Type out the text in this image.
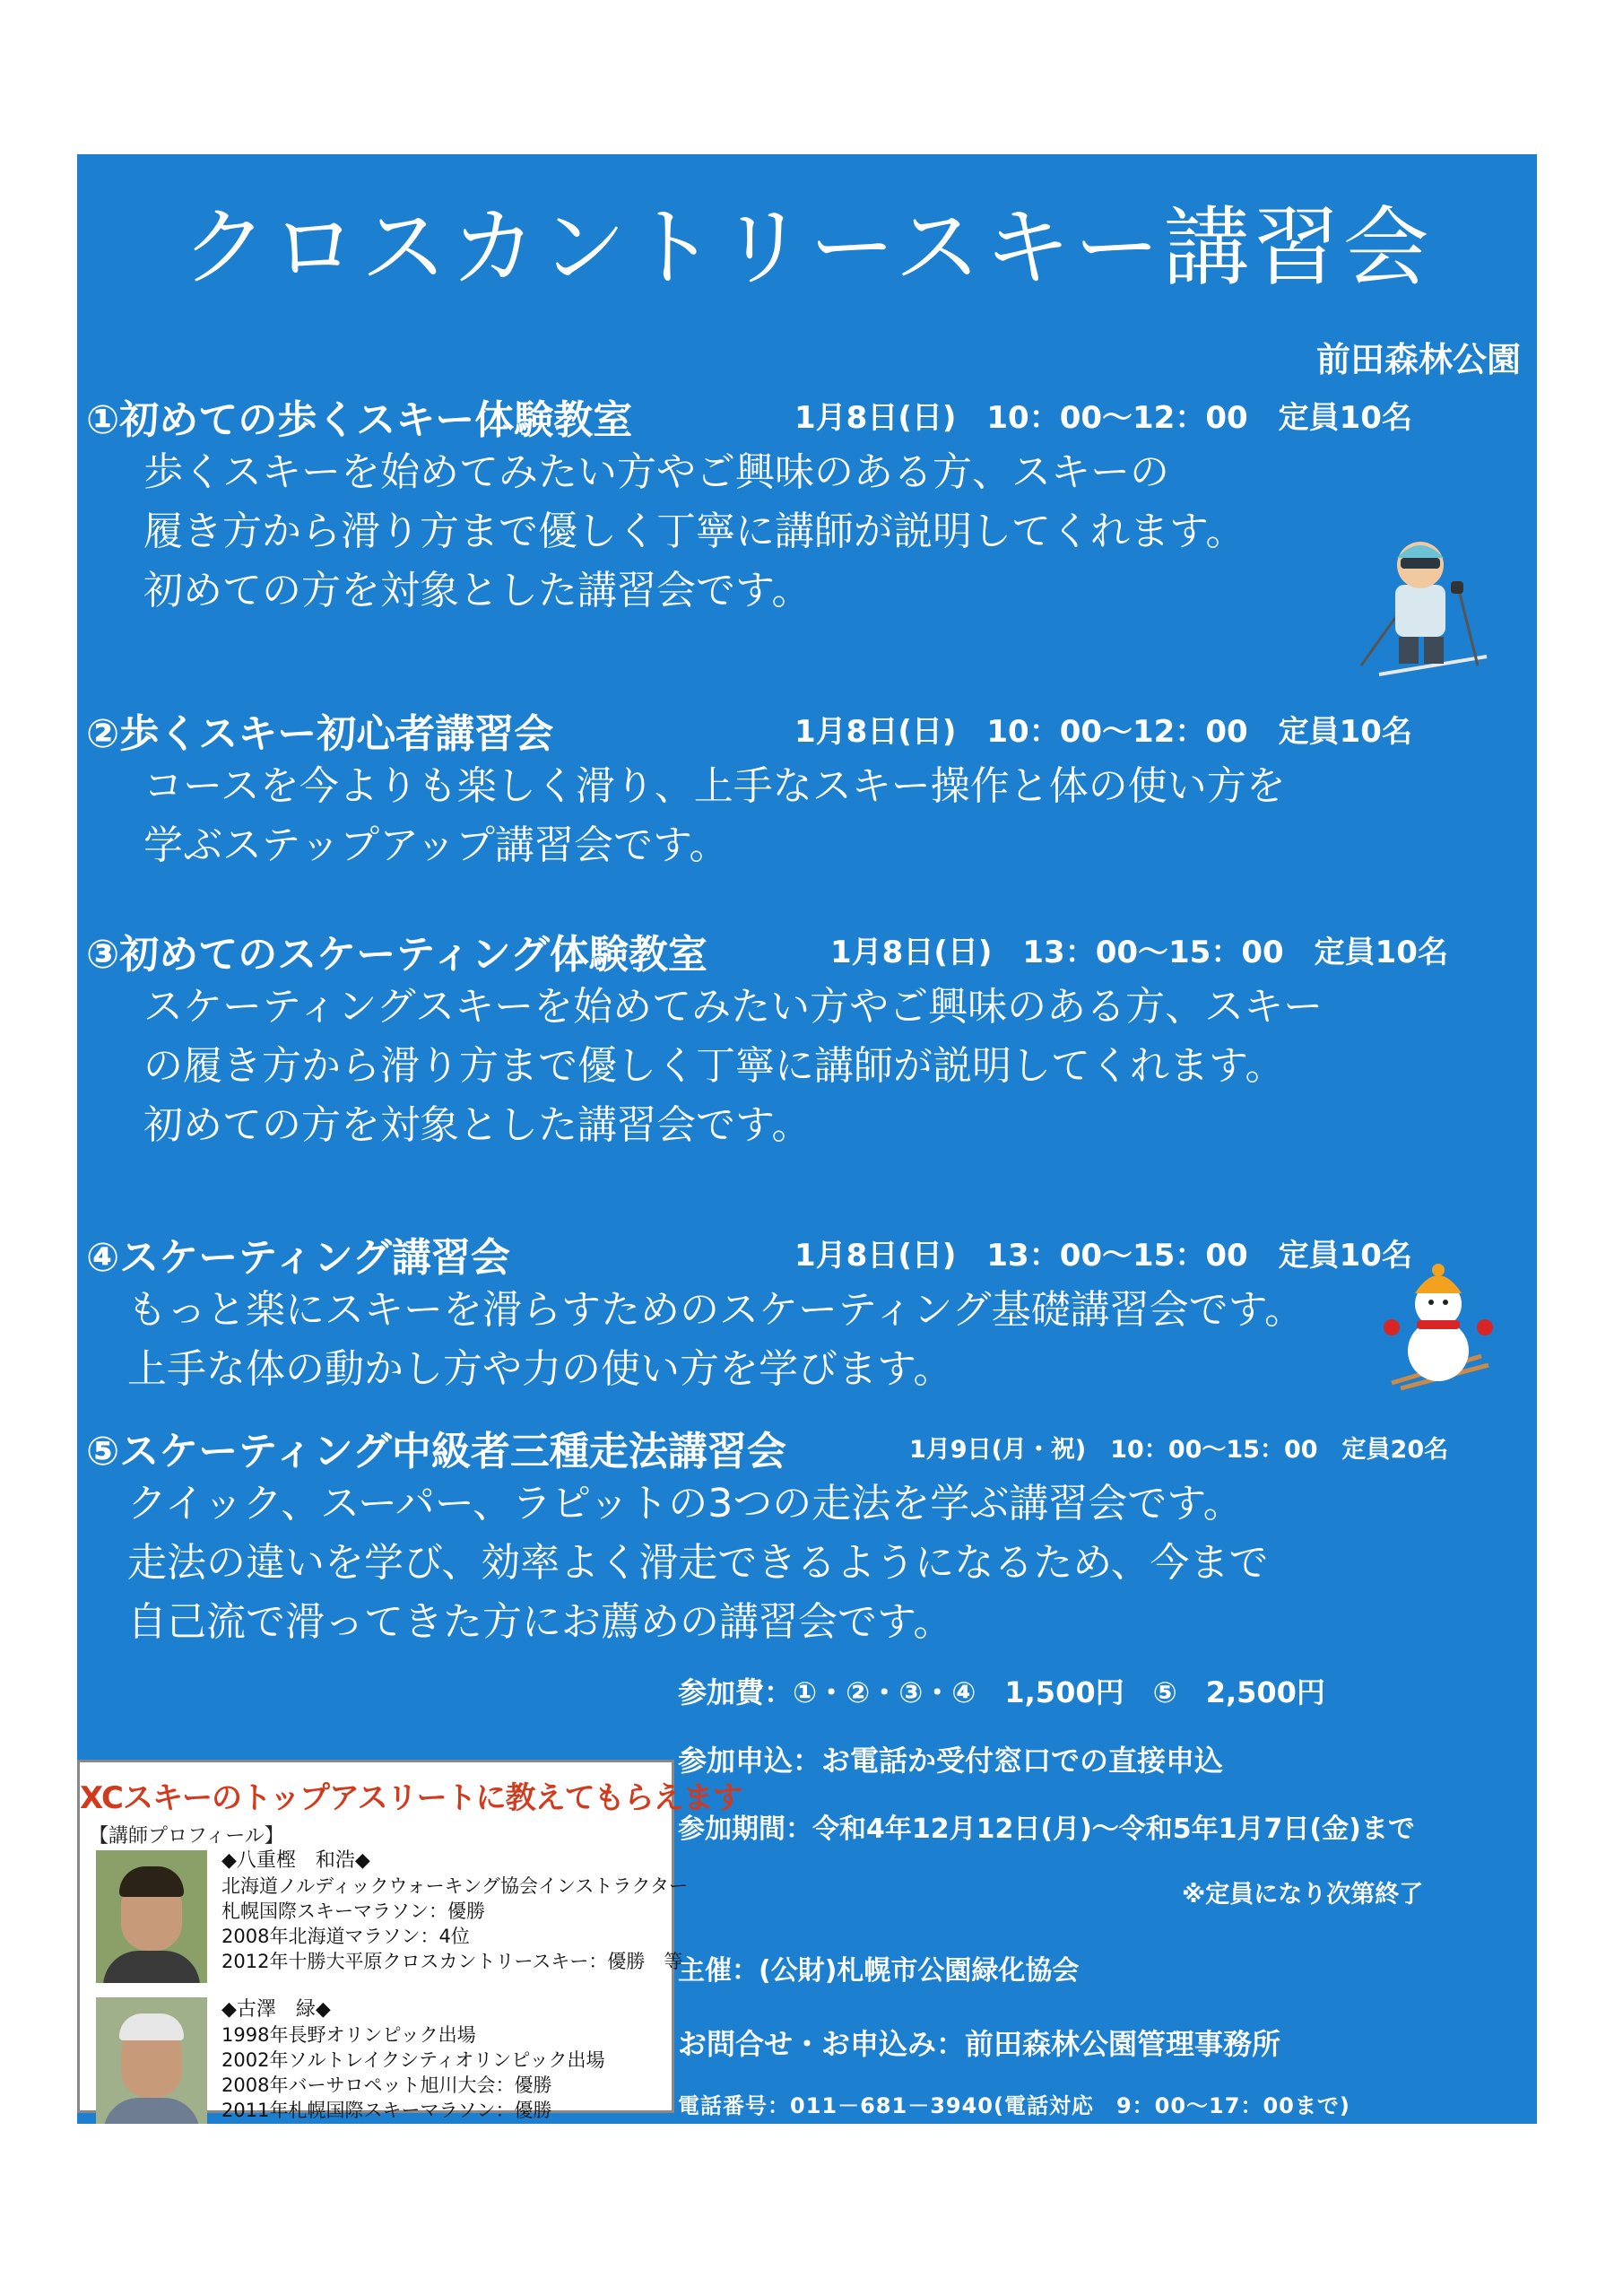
クロスカントリースキー講習会
前田森林公園
①初めての歩くスキー体験教室	1月8日(日)　10：00～12：00　定員10名
歩くスキーを始めてみたい方やご興味のある方、スキーの
履き方から滑り方まで優しく丁寧に講師が説明してくれます。
初めての方を対象とした講習会です。
②歩くスキー初心者講習会	1月8日(日)　10：00～12：00　定員10名
コースを今よりも楽しく滑り、上手なスキー操作と体の使い方を
学ぶステップアップ講習会です。
③初めてのスケーティング体験教室	1月8日(日)　13：00～15：00　定員10名
スケーティングスキーを始めてみたい方やご興味のある方、スキー
の履き方から滑り方まで優しく丁寧に講師が説明してくれます。
初めての方を対象とした講習会です。
④スケーティング講習会	1月8日(日)　13：00～15：00　定員10名
もっと楽にスキーを滑らすためのスケーティング基礎講習会です。
上手な体の動かし方や力の使い方を学びます。
⑤スケーティング中級者三種走法講習会	1月9日(月・祝)　10：00～15：00　定員20名
クイック、スーパー、ラピットの3つの走法を学ぶ講習会です。
走法の違いを学び、効率よく滑走できるようになるため、今まで
自己流で滑ってきた方にお薦めの講習会です。
参加費：①・②・③・④　1,500円　⑤　2,500円
参加申込：お電話か受付窓口での直接申込
参加期間：令和4年12月12日(月)～令和5年1月7日(金)まで
※定員になり次第終了
主催：(公財)札幌市公園緑化協会
お問合せ・お申込み：前田森林公園管理事務所
電話番号：011－681－3940(電話対応　9：00～17：00まで)
XCスキーのトップアスリートに教えてもらえます
【講師プロフィール】
◆八重樫　和浩◆
北海道ノルディックウォーキング協会インストラクター
札幌国際スキーマラソン：優勝
2008年北海道マラソン：4位
2012年十勝大平原クロスカントリースキー：優勝　等
◆古澤　緑◆
1998年長野オリンピック出場
2002年ソルトレイクシティオリンピック出場
2008年バーサロペット旭川大会：優勝
2011年札幌国際スキーマラソン：優勝
